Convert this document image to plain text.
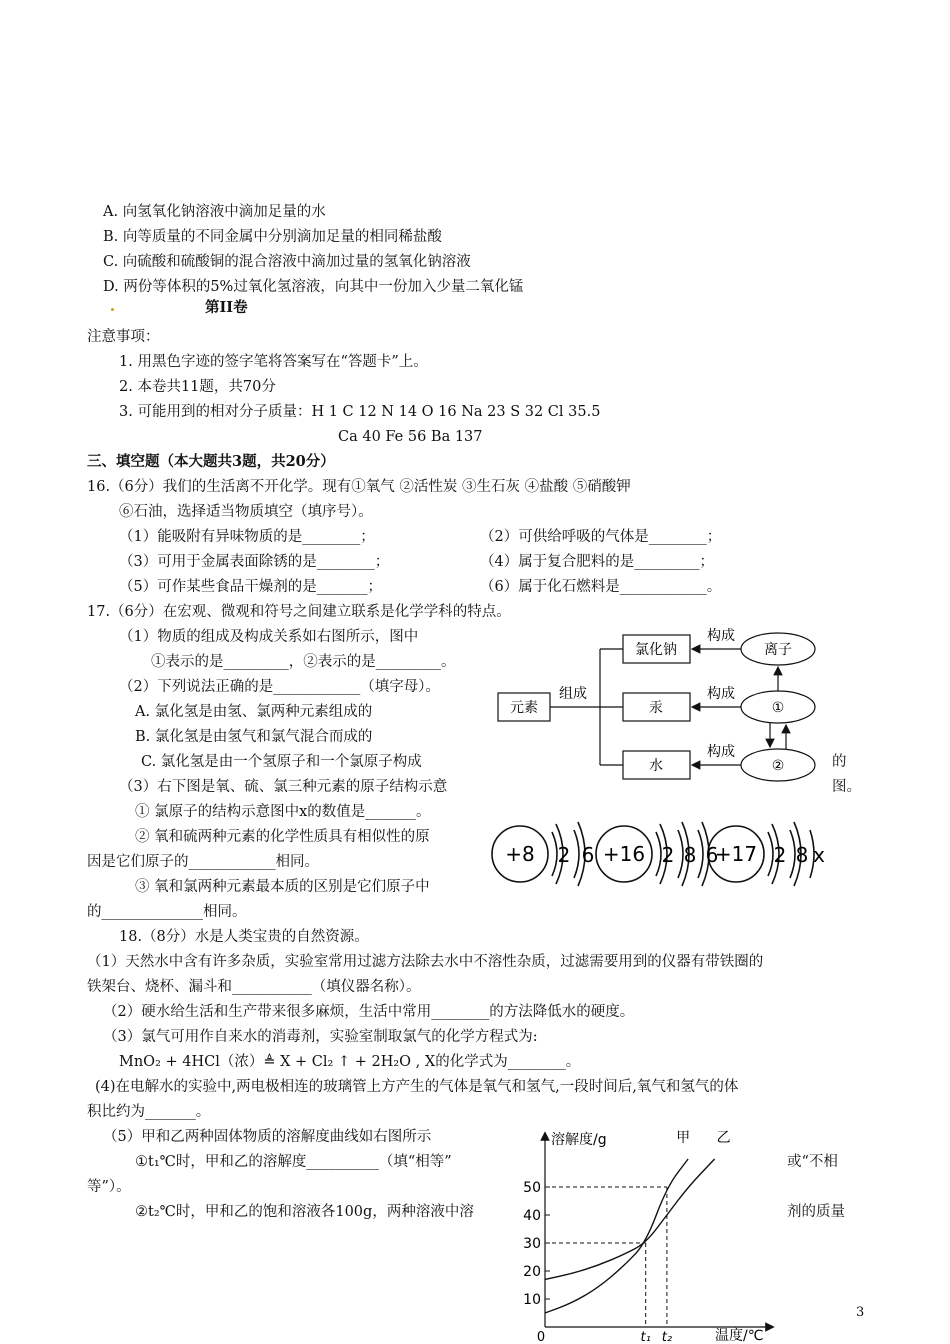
A. 向氢氧化钠溶液中滴加足量的水
B. 向等质量的不同金属中分别滴加足量的相同稀盐酸
C. 向硫酸和硫酸铜的混合溶液中滴加过量的氢氧化钠溶液
D. 两份等体积的5%过氧化氢溶液，向其中一份加入少量二氧化锰
第II卷
注意事项：
1. 用黑色字迹的签字笔将答案写在“答题卡”上。
2. 本卷共11题，共70分
3. 可能用到的相对分子质量：H 1 C 12 N 14 O 16 Na 23 S 32 Cl 35.5
Ca 40 Fe 56 Ba 137
三、填空题（本大题共3题，共20分）
16.（6分）我们的生活离不开化学。现有①氧气 ②活性炭 ③生石灰 ④盐酸 ⑤硝酸钾
⑥石油，选择适当物质填空（填序号）。
（1）能吸附有异味物质的是________；	（2）可供给呼吸的气体是________；
（3）可用于金属表面除锈的是________；	（4）属于复合肥料的是_________；
（5）可作某些食品干燥剂的是_______；	（6）属于化石燃料是____________。
17.（6分）在宏观、微观和符号之间建立联系是化学学科的特点。
（1）物质的组成及构成关系如右图所示，图中
①表示的是_________，②表示的是_________。
（2）下列说法正确的是____________（填字母）。
A. 氯化氢是由氢、氯两种元素组成的
B. 氯化氢是由氢气和氯气混合而成的
C. 氯化氢是由一个氢原子和一个氯原子构成
（3）右下图是氧、硫、氯三种元素的原子结构示意
的
图。
① 氯原子的结构示意图中x的数值是_______。
② 氧和硫两种元素的化学性质具有相似性的原
因是它们原子的____________相同。
③ 氧和氯两种元素最本质的区别是它们原子中
的______________相同。
元素
组成
氯化钠
汞
水
构成
构成
构成
离子
①
②
+8 2 6 +16 2 8 6
+17 2 8 x
18.（8分）水是人类宝贵的自然资源。
（1）天然水中含有许多杂质，实验室常用过滤方法除去水中不溶性杂质，过滤需要用到的仪器有带铁圈的
铁架台、烧杯、漏斗和___________（填仪器名称）。
（2）硬水给生活和生产带来很多麻烦，生活中常用________的方法降低水的硬度。
（3）氯气可用作自来水的消毒剂，实验室制取氯气的化学方程式为:
MnO₂ + 4HCl（浓）≜ X + Cl₂ ↑ + 2H₂O , X的化学式为________。
(4)在电解水的实验中,两电极相连的玻璃管上方产生的气体是氧气和氢气,一段时间后,氧气和氢气的体
积比约为_______。
（5）甲和乙两种固体物质的溶解度曲线如右图所示
①t₁℃时，甲和乙的溶解度__________（填“相等”	或“不相
等”）。
②t₂℃时，甲和乙的饱和溶液各100g，两种溶液中溶	剂的质量
溶解度/g
温度/℃
10
20
30
40
50
0	t₁ t₂
甲 乙
3
